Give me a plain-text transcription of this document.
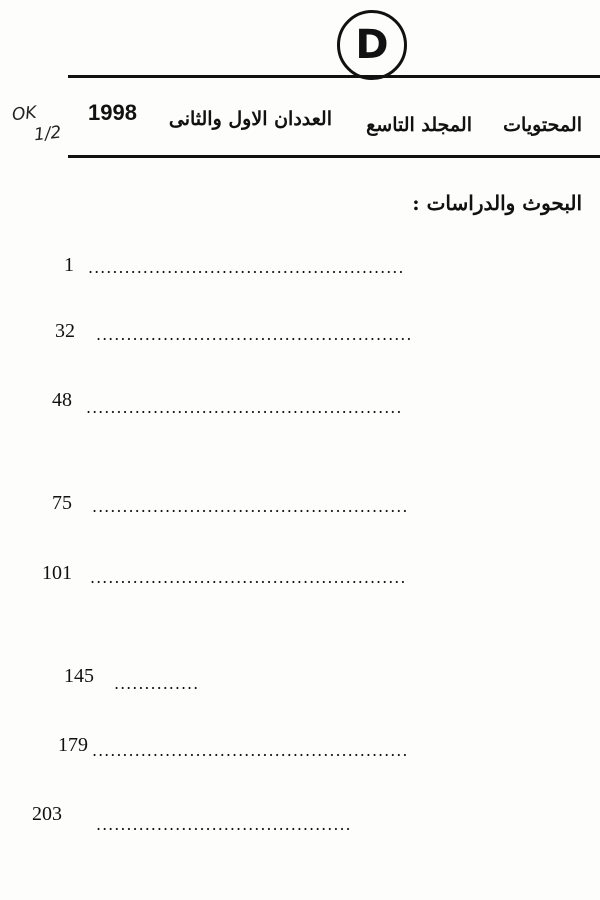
D
المحتويات
المجلد التاسع
العددان الاول والثانى
1998
OK
1/2
البحوث والدراسات :
....................................................
1
....................................................
32
....................................................
48
....................................................
75
....................................................
101
..............
145
....................................................
179
..........................................
203
